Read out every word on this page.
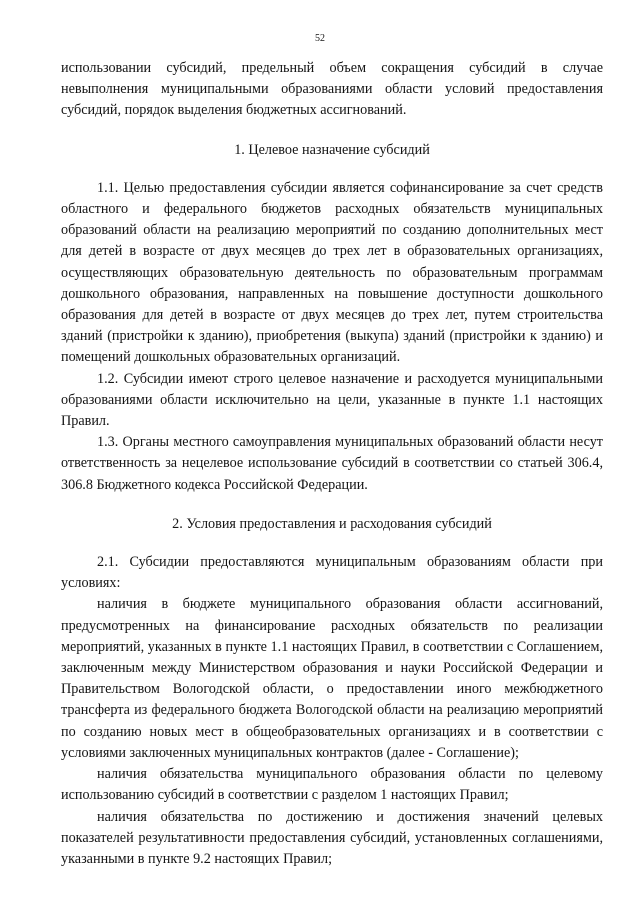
52

использовании субсидий, предельный объем сокращения субсидий в случае невыполнения муниципальными образованиями области условий предоставления субсидий, порядок выделения бюджетных ассигнований.

1. Целевое назначение субсидий

1.1. Целью предоставления субсидии является софинансирование за счет средств областного и федерального бюджетов расходных обязательств муниципальных образований области на реализацию мероприятий по созданию дополнительных мест для детей в возрасте от двух месяцев до трех лет в образовательных организациях, осуществляющих образовательную деятельность по образовательным программам дошкольного образования, направленных на повышение доступности дошкольного образования для детей в возрасте от двух месяцев до трех лет, путем строительства зданий (пристройки к зданию), приобретения (выкупа) зданий (пристройки к зданию) и помещений дошкольных образовательных организаций.

1.2. Субсидии имеют строго целевое назначение и расходуется муниципальными образованиями области исключительно на цели, указанные в пункте 1.1 настоящих Правил.

1.3. Органы местного самоуправления муниципальных образований области несут ответственность за нецелевое использование субсидий в соответствии со статьей 306.4, 306.8 Бюджетного кодекса Российской Федерации.

2. Условия предоставления и расходования субсидий

2.1. Субсидии предоставляются муниципальным образованиям области при условиях:

наличия в бюджете муниципального образования области ассигнований, предусмотренных на финансирование расходных обязательств по реализации мероприятий, указанных в пункте 1.1 настоящих Правил, в соответствии с Соглашением, заключенным между Министерством образования и науки Российской Федерации и Правительством Вологодской области, о предоставлении иного межбюджетного трансферта из федерального бюджета Вологодской области на реализацию мероприятий по созданию новых мест в общеобразовательных организациях и в соответствии с условиями заключенных муниципальных контрактов (далее - Соглашение);

наличия обязательства муниципального образования области по целевому использованию субсидий в соответствии с разделом 1 настоящих Правил;

наличия обязательства по достижению и достижения значений целевых показателей результативности предоставления субсидий, установленных соглашениями, указанными в пункте 9.2 настоящих Правил;
